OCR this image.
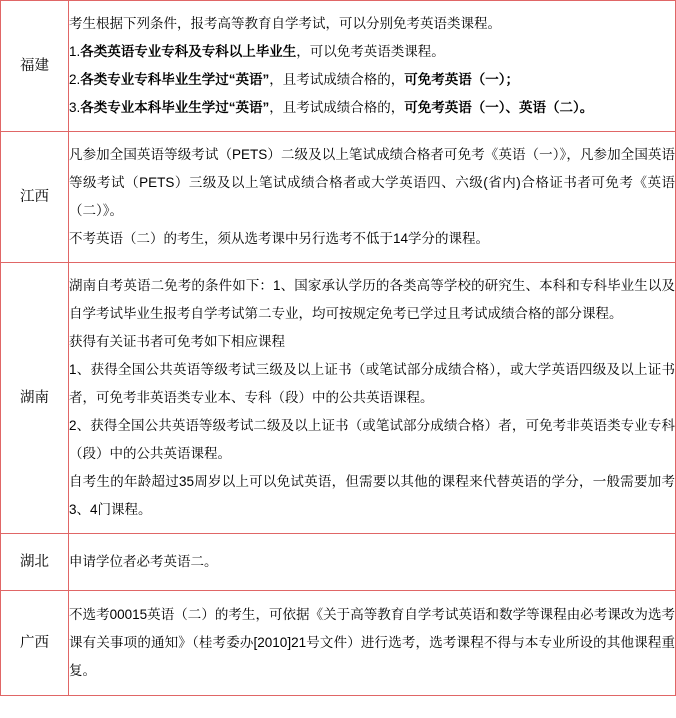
福建	考生根据下列条件，报考高等教育自学考试，可以分别免考英语类课程。

1.各类英语专业专科及专科以上毕业生，可以免考英语类课程。

2.各类专业专科毕业生学过“英语”，且考试成绩合格的，可免考英语（一）；

3.各类专业本科毕业生学过“英语”，且考试成绩合格的，可免考英语（一）、英语（二）。

江西	凡参加全国英语等级考试（PETS）二级及以上笔试成绩合格者可免考《英语（一）》，凡参加全国英语等级考试（PETS）三级及以上笔试成绩合格者或大学英语四、六级(省内)合格证书者可免考《英语（二）》。

不考英语（二）的考生，须从选考课中另行选考不低于14学分的课程。

湖南	湖南自考英语二免考的条件如下：1、国家承认学历的各类高等学校的研究生、本科和专科毕业生以及自学考试毕业生报考自学考试第二专业，均可按规定免考已学过且考试成绩合格的部分课程。

获得有关证书者可免考如下相应课程

1、获得全国公共英语等级考试三级及以上证书（或笔试部分成绩合格），或大学英语四级及以上证书者，可免考非英语类专业本、专科（段）中的公共英语课程。

2、获得全国公共英语等级考试二级及以上证书（或笔试部分成绩合格）者，可免考非英语类专业专科（段）中的公共英语课程。

自考生的年龄超过35周岁以上可以免试英语，但需要以其他的课程来代替英语的学分，一般需要加考3、4门课程。

湖北	申请学位者必考英语二。

广西	不选考00015英语（二）的考生，可依据《关于高等教育自学考试英语和数学等课程由必考课改为选考课有关事项的通知》（桂考委办[2010]21号文件）进行选考，选考课程不得与本专业所设的其他课程重复。
